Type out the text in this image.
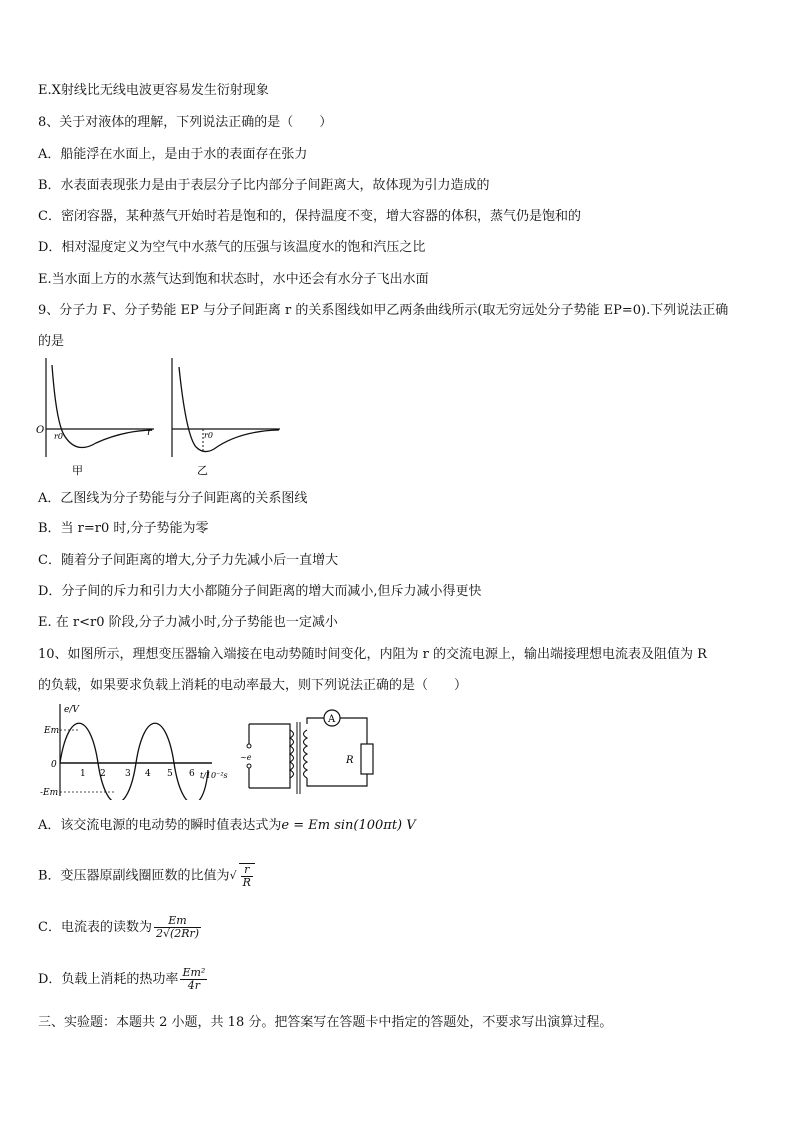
E.X射线比无线电波更容易发生衍射现象
8、关于对液体的理解，下列说法正确的是（　　）
A．船能浮在水面上，是由于水的表面存在张力
B．水表面表现张力是由于表层分子比内部分子间距离大，故体现为引力造成的
C．密闭容器，某种蒸气开始时若是饱和的，保持温度不变，增大容器的体积，蒸气仍是饱和的
D．相对湿度定义为空气中水蒸气的压强与该温度水的饱和汽压之比
E.当水面上方的水蒸气达到饱和状态时，水中还会有水分子飞出水面
9、分子力 F、分子势能 EP 与分子间距离 r 的关系图线如甲乙两条曲线所示(取无穷远处分子势能 EP=0).下列说法正确
的是
O
r0	r
甲
r0
乙
A．乙图线为分子势能与分子间距离的关系图线
B．当 r=r0 时,分子势能为零
C．随着分子间距离的增大,分子力先减小后一直增大
D．分子间的斥力和引力大小都随分子间距离的增大而减小,但斥力减小得更快
E. 在 r<r0 阶段,分子力减小时,分子势能也一定减小
10、如图所示，理想变压器输入端接在电动势随时间变化，内阻为 r 的交流电源上，输出端接理想电流表及阻值为 R
的负载，如果要求负载上消耗的电动率最大，则下列说法正确的是（　　）
e/V
Em
-Em
0
1 2 3 4 5 6 t/10⁻²s
~e
A
R
A．该交流电源的电动势的瞬时值表达式为e = Em sin(100πt) V
B．变压器原副线圈匝数的比值为√ $\frac{r}{R}$
C．电流表的读数为 $\frac{Em}{2√(2Rr)}$
D．负载上消耗的热功率 $\frac{\text{Em²}}{4r}$
三、实验题：本题共 2 小题，共 18 分。把答案写在答题卡中指定的答题处，不要求写出演算过程。
